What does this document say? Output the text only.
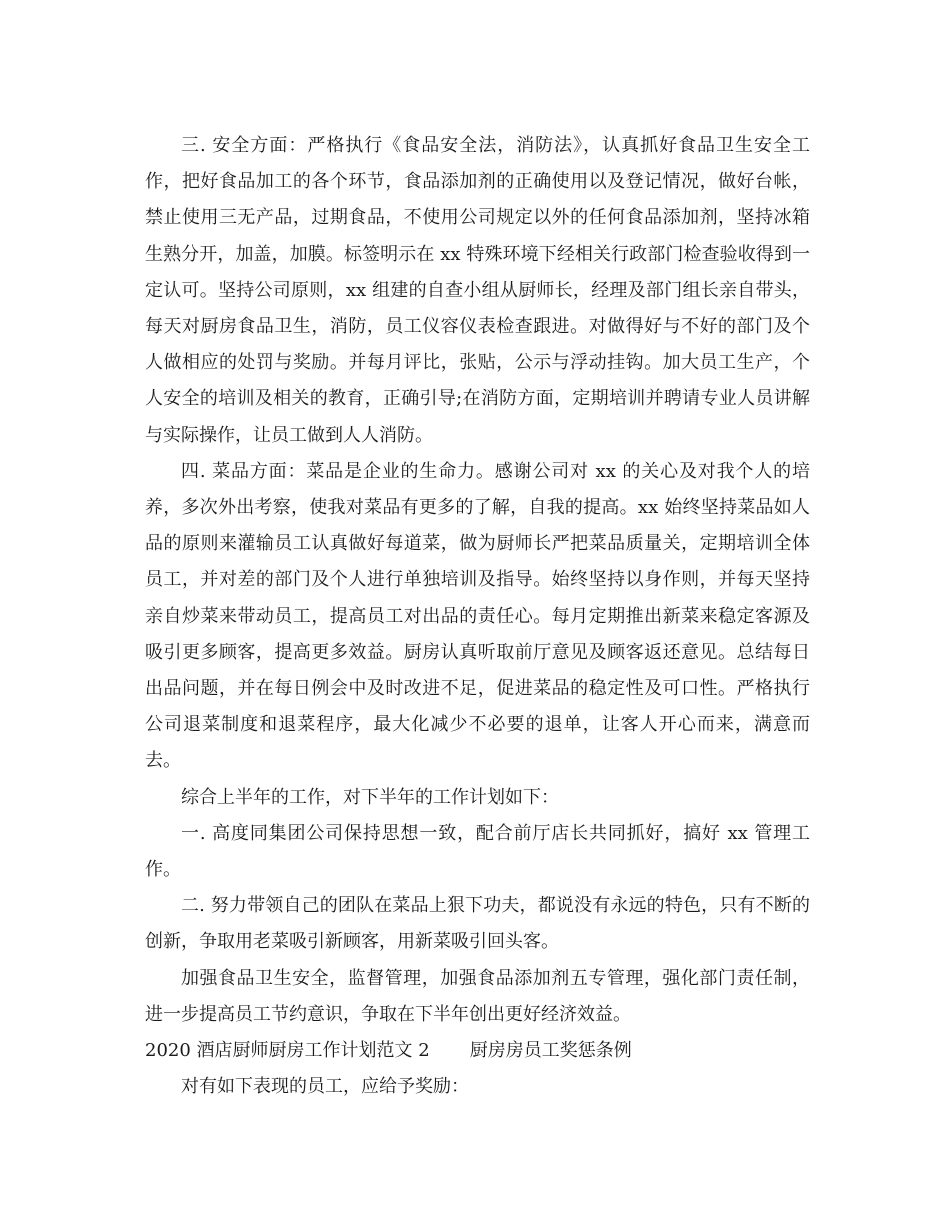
三. 安全方面：严格执行《食品安全法，消防法》，认真抓好食品卫生安全工作，把好食品加工的各个环节，食品添加剂的正确使用以及登记情况，做好台帐，禁止使用三无产品，过期食品，不使用公司规定以外的任何食品添加剂，坚持冰箱生熟分开，加盖，加膜。标签明示在 xx 特殊环境下经相关行政部门检查验收得到一定认可。坚持公司原则，xx 组建的自查小组从厨师长，经理及部门组长亲自带头，每天对厨房食品卫生，消防，员工仪容仪表检查跟进。对做得好与不好的部门及个人做相应的处罚与奖励。并每月评比，张贴，公示与浮动挂钩。加大员工生产，个人安全的培训及相关的教育，正确引导;在消防方面，定期培训并聘请专业人员讲解与实际操作，让员工做到人人消防。

四. 菜品方面：菜品是企业的生命力。感谢公司对 xx 的关心及对我个人的培养，多次外出考察，使我对菜品有更多的了解，自我的提高。xx 始终坚持菜品如人品的原则来灌输员工认真做好每道菜，做为厨师长严把菜品质量关，定期培训全体员工，并对差的部门及个人进行单独培训及指导。始终坚持以身作则，并每天坚持亲自炒菜来带动员工，提高员工对出品的责任心。每月定期推出新菜来稳定客源及吸引更多顾客，提高更多效益。厨房认真听取前厅意见及顾客返还意见。总结每日出品问题，并在每日例会中及时改进不足，促进菜品的稳定性及可口性。严格执行公司退菜制度和退菜程序，最大化减少不必要的退单，让客人开心而来，满意而去。

综合上半年的工作，对下半年的工作计划如下：

一. 高度同集团公司保持思想一致，配合前厅店长共同抓好，搞好 xx 管理工作。

二. 努力带领自己的团队在菜品上狠下功夫，都说没有永远的特色，只有不断的创新，争取用老菜吸引新顾客，用新菜吸引回头客。

加强食品卫生安全，监督管理，加强食品添加剂五专管理，强化部门责任制，进一步提高员工节约意识，争取在下半年创出更好经济效益。

2020 酒店厨师厨房工作计划范文 2 厨房房员工奖惩条例

对有如下表现的员工，应给予奖励：
